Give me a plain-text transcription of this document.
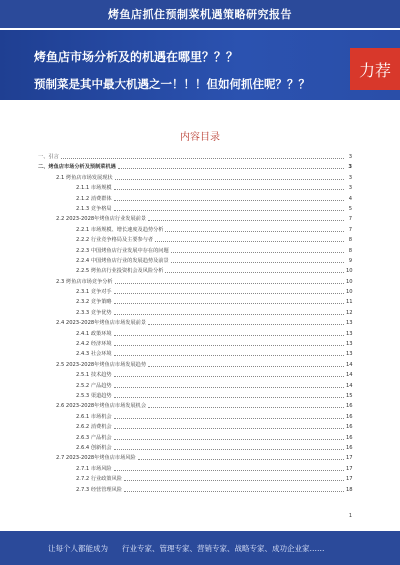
烤鱼店抓住预制菜机遇策略研究报告
烤鱼店市场分析及的机遇在哪里？？？
预制菜是其中最大机遇之一！！！但如何抓住呢？？？
力荐
内容目录
一、引言	3
二、烤鱼店市场分析及预制菜机遇	3
2.1 烤鱼店市场发展现状	3
2.1.1 市场规模	3
2.1.2 消费群体	4
2.1.3 竞争格局	5
2.2 2023-2028年烤鱼店行业发展前景	7
2.2.1 市场规模、增长速度及趋势分析	7
2.2.2 行业竞争格局及主要参与者	8
2.2.3 中国烤鱼店行业发展中存在的问题	8
2.2.4 中国烤鱼店行业的发展趋势及前景	9
2.2.5 烤鱼店行业投资机会及风险分析	10
2.3 烤鱼店市场竞争分析	10
2.3.1 竞争对手	10
2.3.2 竞争策略	11
2.3.3 竞争优势	12
2.4 2023-2028年烤鱼店市场发展前景	13
2.4.1 政策环境	13
2.4.2 经济环境	13
2.4.3 社会环境	13
2.5 2023-2028年烤鱼店市场发展趋势	14
2.5.1 技术趋势	14
2.5.2 产品趋势	14
2.5.3 渠道趋势	15
2.6 2023-2028年烤鱼店市场发展机会	16
2.6.1 市场机会	16
2.6.2 消费机会	16
2.6.3 产品机会	16
2.6.4 创新机会	16
2.7 2023-2028年烤鱼店市场风险	17
2.7.1 市场风险	17
2.7.2 行业政策风险	17
2.7.3 经营管理风险	18
1
让每个人都能成为 行业专家、管理专家、营销专家、战略专家、成功企业家……
